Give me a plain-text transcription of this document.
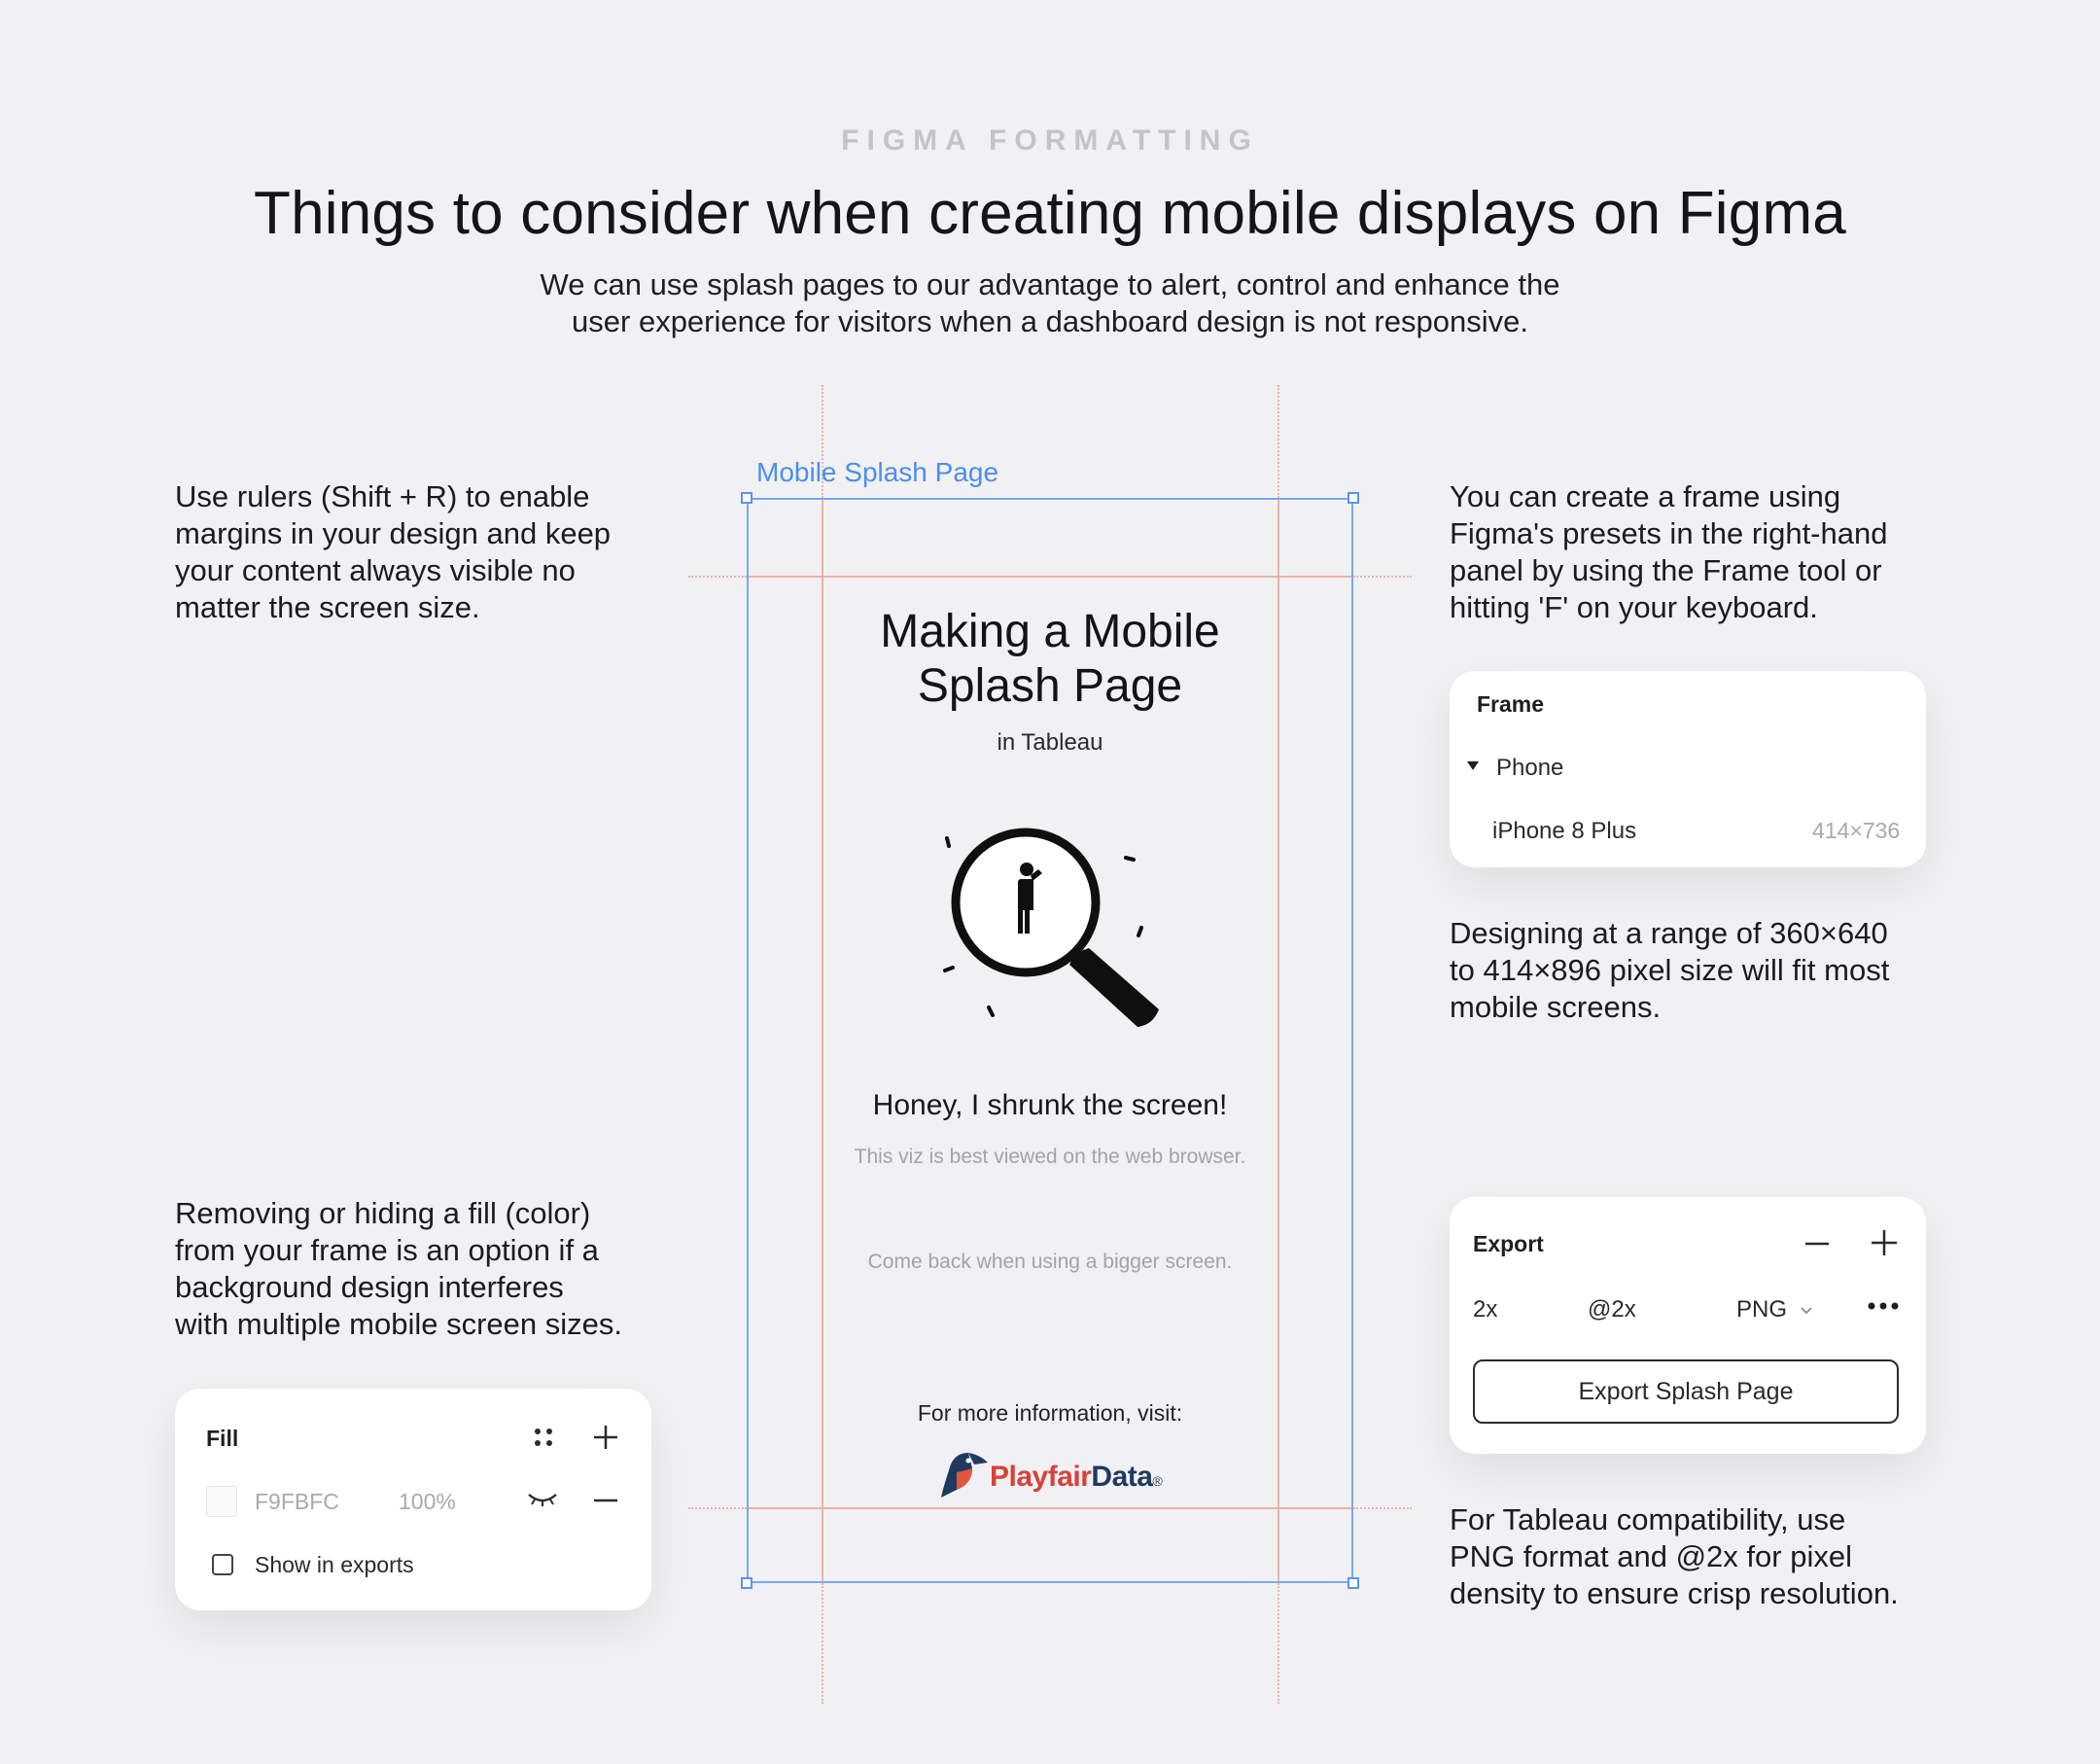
FIGMA FORMATTING
Things to consider when creating mobile displays on Figma
We can use splash pages to our advantage to alert, control and enhance the
user experience for visitors when a dashboard design is not responsive.
Use rulers (Shift + R) to enable
margins in your design and keep
your content always visible no
matter the screen size.
Removing or hiding a fill (color)
from your frame is an option if a
background design interferes
with multiple mobile screen sizes.
You can create a frame using
Figma's presets in the right-hand
panel by using the Frame tool or
hitting 'F' on your keyboard.
Designing at a range of 360×640
to 414×896 pixel size will fit most
mobile screens.
For Tableau compatibility, use
PNG format and @2x for pixel
density to ensure crisp resolution.
Mobile Splash Page
Making a Mobile
Splash Page
in Tableau
Honey, I shrunk the screen!
This viz is best viewed on the web browser.
Come back when using a bigger screen.
For more information, visit:
PlayfairData®
Frame
Phone
iPhone 8 Plus	414×736
Export
2x	@2x	PNG
Export Splash Page
Fill
F9FBFC	100%
Show in exports
